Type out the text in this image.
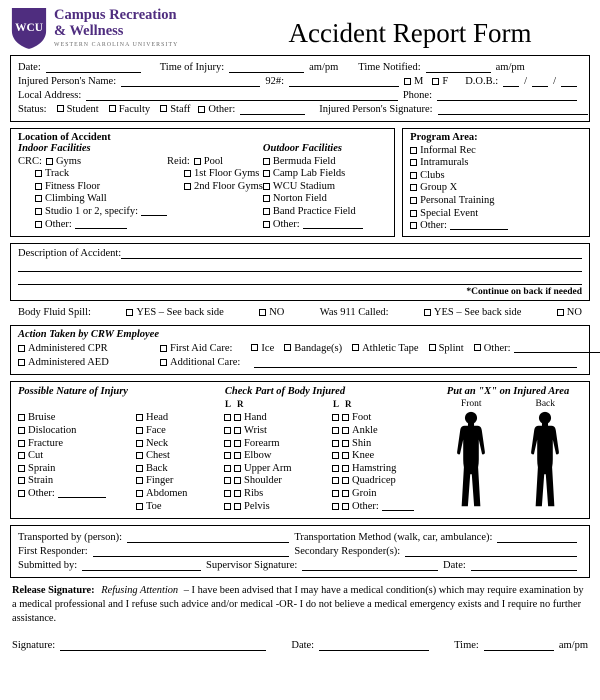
WCU
Campus Recreation
& Wellness
WESTERN CAROLINA UNIVERSITY	Accident Report Form
Date:	Time of Injury:	am/pm Time Notified:	am/pm
Injured Person's Name:	92#:	M F D.O.B.: / /
Local Address:	Phone:
Status: Student Faculty Staff Other:	Injured Person's Signature:
Location of Accident
Indoor Facilities
CRC: Gyms
Track
Fitness Floor
Climbing Wall
Studio 1 or 2, specify:
Other:
Reid: Pool
1st Floor Gyms
2nd Floor Gyms
Outdoor Facilities
Bermuda Field
Camp Lab Fields
WCU Stadium
Norton Field
Band Practice Field
Other:
Program Area:
Informal Rec
Intramurals
Clubs
Group X
Personal Training
Special Event
Other:
Description of Accident:
*Continue on back if needed
Body Fluid Spill:	YES – See back side	NO	Was 911 Called:	YES – See back side	NO
Action Taken by CRW Employee
Administered CPR	First Aid Care:	Ice Bandage(s) Athletic Tape Splint Other:
Administered AED	Additional Care:
Possible Nature of Injury	Check Part of Body Injured	Put an "X" on Injured Area
Bruise
Dislocation
Fracture
Cut
Sprain
Strain
Other:
Head
Face
Neck
Chest
Back
Finger
Abdomen
Toe
L R
Hand
Wrist
Forearm
Elbow
Upper Arm
Shoulder
Ribs
Pelvis
L R
Foot
Ankle
Shin
Knee
Hamstring
Quadricep
Groin
Other:
Front	Back
Transported by (person):	Transportation Method (walk, car, ambulance):
First Responder:	Secondary Responder(s):
Submitted by:	Supervisor Signature:	Date:
Release Signature: Refusing Attention – I have been advised that I may have a medical condition(s) which may require examination by a medical professional and I refuse such advice and/or medical -OR- I do not believe a medical emergency exists and I require no further assistance.
Signature:	Date:	Time:	am/pm
